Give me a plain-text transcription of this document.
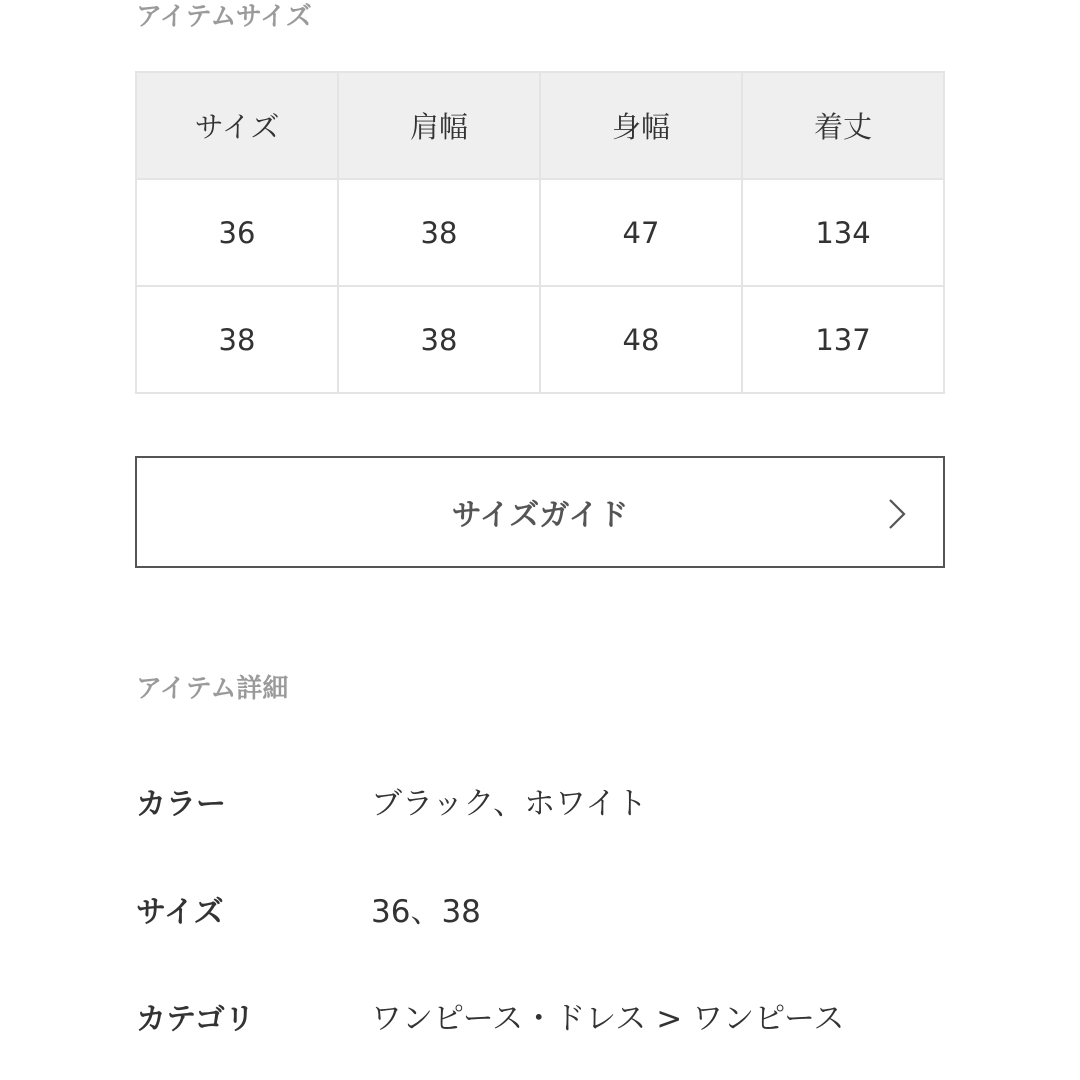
アイテムサイズ
サイズ	肩幅	身幅	着丈
36	38	47	134
38	38	48	137
サイズガイド
アイテム詳細
カラー	ブラック、ホワイト
サイズ	36、38
カテゴリ	ワンピース・ドレス > ワンピース
